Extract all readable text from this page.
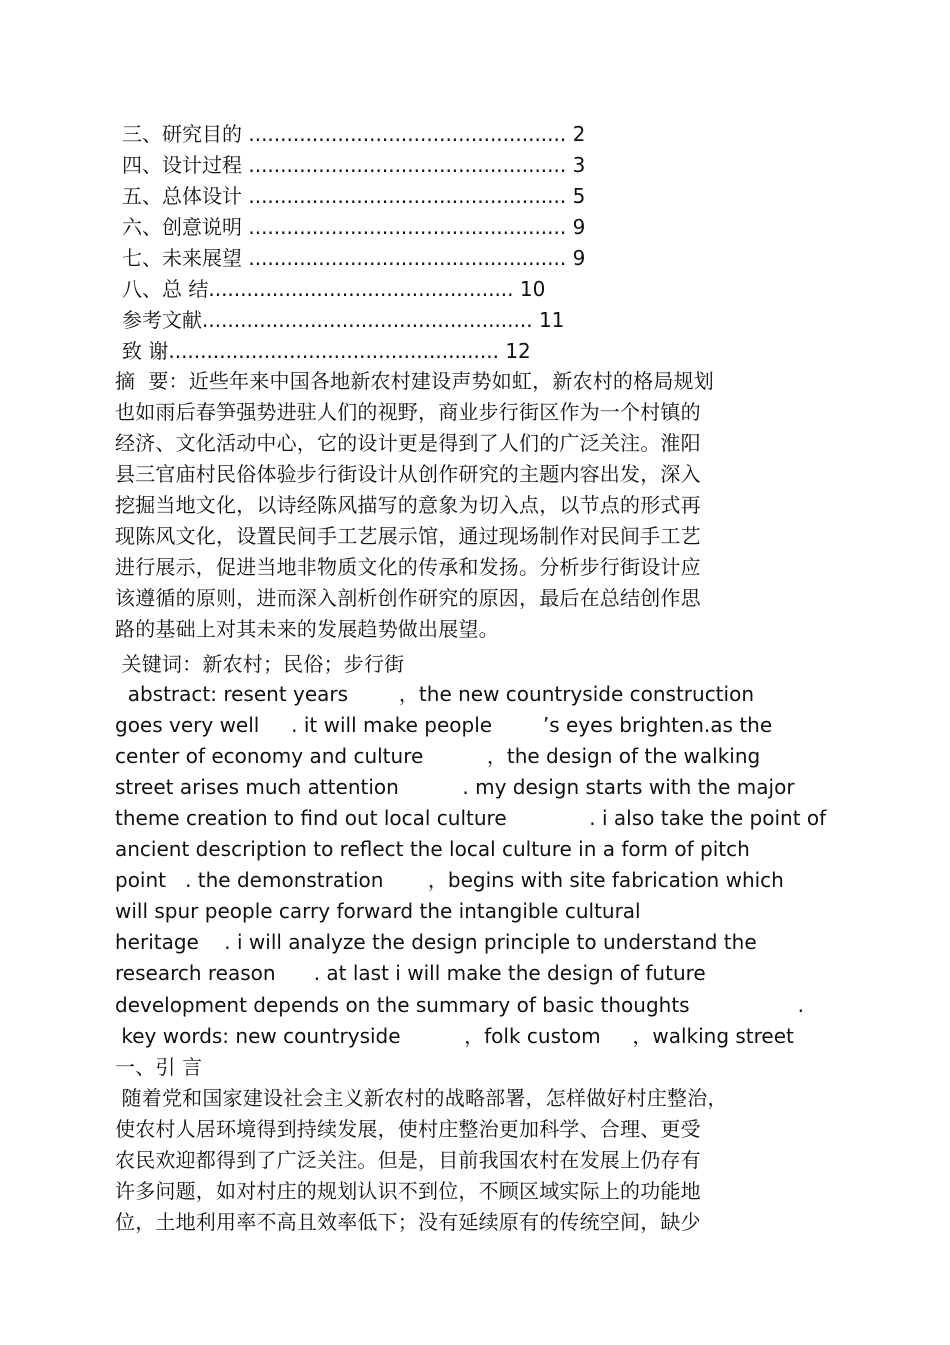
三、研究目的 .................................................. 2
四、设计过程 .................................................. 3
五、总体设计 .................................................. 5
六、创意说明 .................................................. 9
七、未来展望 .................................................. 9
八、总 结................................................ 10
参考文献.................................................... 11
致 谢.................................................... 12
摘  要：近些年来中国各地新农村建设声势如虹，新农村的格局规划
也如雨后春笋强势进驻人们的视野，商业步行街区作为一个村镇的
经济、文化活动中心，它的设计更是得到了人们的广泛关注。淮阳
县三官庙村民俗体验步行街设计从创作研究的主题内容出发，深入
挖掘当地文化，以诗经陈风描写的意象为切入点，以节点的形式再
现陈风文化，设置民间手工艺展示馆，通过现场制作对民间手工艺
进行展示，促进当地非物质文化的传承和发扬。分析步行街设计应
该遵循的原则，进而深入剖析创作研究的原因，最后在总结创作思
路的基础上对其未来的发展趋势做出展望。
关键词：新农村；民俗；步行街
abstract: resent years        ，the new countryside construction
goes very well     . it will make people        ’s eyes brighten.as the
center of economy and culture          ，the design of the walking
street arises much attention          . my design starts with the major
theme creation to find out local culture             . i also take the point of
ancient description to reflect the local culture in a form of pitch
point   . the demonstration       ，begins with site fabrication which
will spur people carry forward the intangible cultural
heritage    . i will analyze the design principle to understand the
research reason      . at last i will make the design of future
development depends on the summary of basic thoughts                 .
key words: new countryside          ，folk custom     ，walking street
一、引 言
随着党和国家建设社会主义新农村的战略部署，怎样做好村庄整治，
使农村人居环境得到持续发展，使村庄整治更加科学、合理、更受
农民欢迎都得到了广泛关注。但是，目前我国农村在发展上仍存有
许多问题，如对村庄的规划认识不到位，不顾区域实际上的功能地
位，土地利用率不高且效率低下；没有延续原有的传统空间，缺少
